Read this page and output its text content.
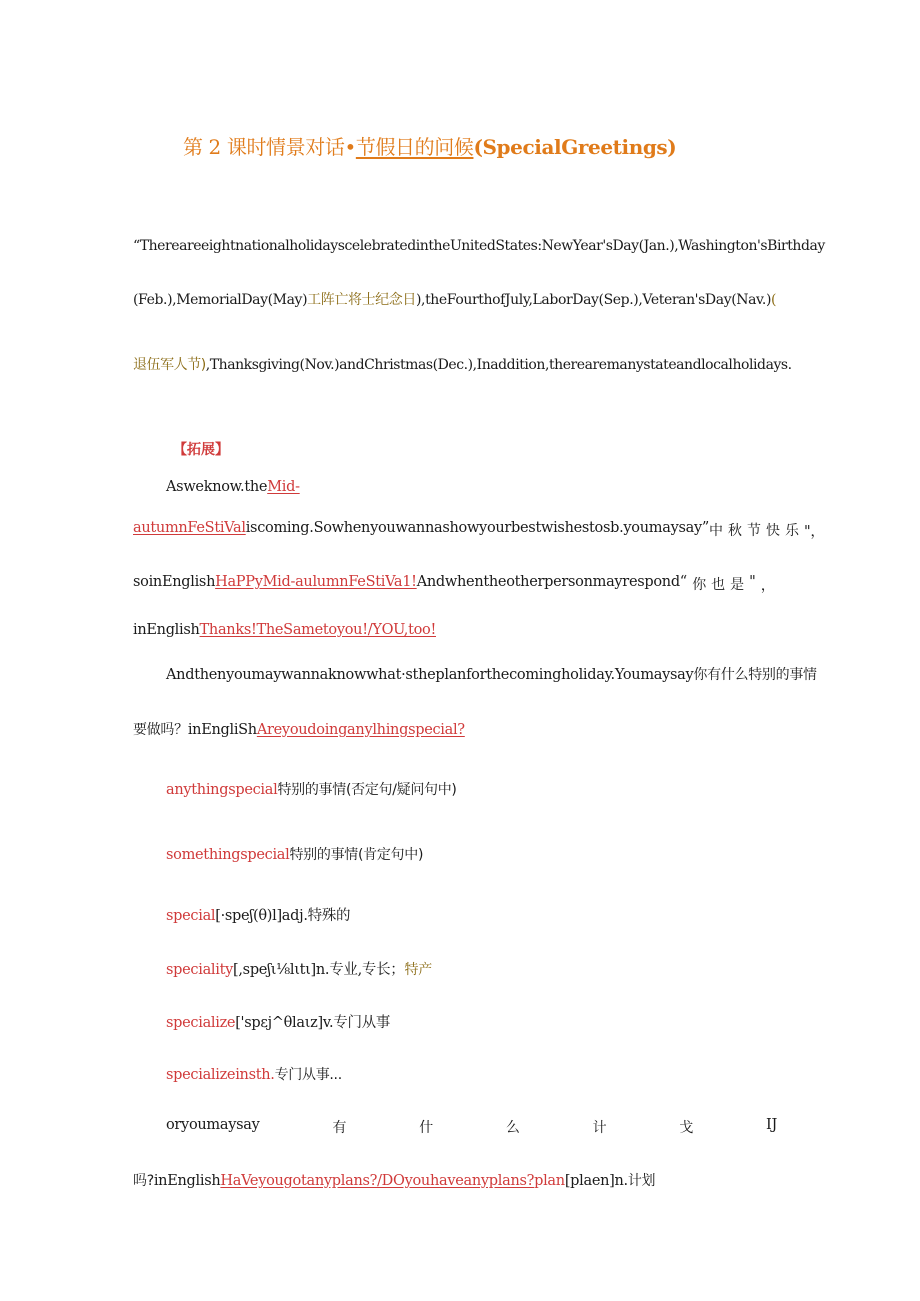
第 2 课时情景对话•节假日的问候(SpecialGreetings)
“TherearееightnationalholidayscelebratedintheUnitedStates:NewYear'sDay(Jan.),Washington'sBirthday
(Feb.),MemorialDay(May)工阵亡将士纪念日),theFourthofJuly,LaborDay(Sep.),Veteran'sDay(Nav.)(
退伍军人节),Thanksgiving(Nov.)andChristmas(Dec.),Inaddition,therearemanystateandlocalholidays.
【拓展】
Asweknow.theMid-
autumnFeStiValiscoming.Sowhenyouwannashowyourbestwishestosb.youmaysay” 中秋节快乐 "，
soinEnglishHaPPyMid-aulumnFeStiVa1!Andwhentheotherpersonmayrespond“ 你 也 是 " ，
inEnglishThanks!TheSametoyou!/YOU,too!
Andthenyoumaywannaknowwhat·stheplanforthecomingholiday.Youmaysay你有什么特别的事情
要做吗？inEngliShAreyoudoinganylhingspecial?
anythingspecial特别的事情(否定句/疑问句中)
somethingspecial特别的事情(肯定句中)
special[·speʃ(θ)l]adj.特殊的
speciality[,speʃι⅛lιtι]n.专业,专长；特产
specialize['spεj^θlaιz]v.专门从事
specializeinsth.专门从事...
oryoumaysay	有	什	么	计	戈	IJ
吗?inEnglishHaVeyougotanyplans?/DOyouhaveanyplans?plan[plaen]n.计划
